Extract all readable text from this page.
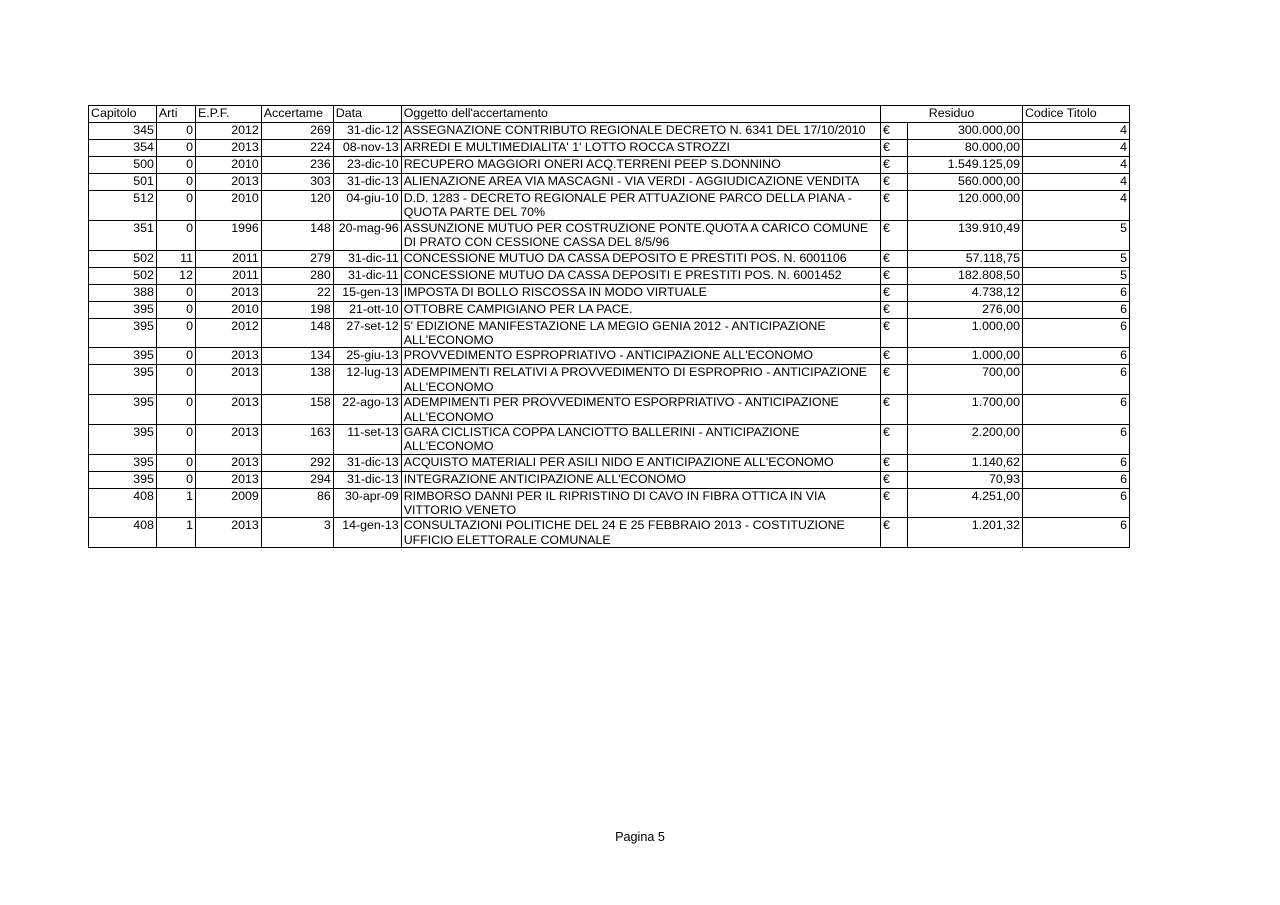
Capitolo	Arti	E.P.F.	Accertame	Data	Oggetto dell'accertamento	Residuo		Codice Titolo
345	0	2012	269	31-dic-12	ASSEGNAZIONE CONTRIBUTO REGIONALE DECRETO N. 6341 DEL 17/10/2010	€	300.000,00	4
354	0	2013	224	08-nov-13	ARREDI E MULTIMEDIALITA' 1' LOTTO ROCCA STROZZI	€	80.000,00	4
500	0	2010	236	23-dic-10	RECUPERO MAGGIORI ONERI ACQ.TERRENI PEEP S.DONNINO	€	1.549.125,09	4
501	0	2013	303	31-dic-13	ALIENAZIONE AREA VIA MASCAGNI - VIA VERDI - AGGIUDICAZIONE VENDITA	€	560.000,00	4
512	0	2010	120	04-giu-10	D.D. 1283 - DECRETO REGIONALE PER ATTUAZIONE PARCO DELLA PIANA - QUOTA PARTE DEL 70%	€	120.000,00	4
351	0	1996	148	20-mag-96	ASSUNZIONE MUTUO PER COSTRUZIONE PONTE.QUOTA A CARICO COMUNE DI PRATO CON CESSIONE CASSA DEL 8/5/96	€	139.910,49	5
502	11	2011	279	31-dic-11	CONCESSIONE MUTUO DA CASSA DEPOSITO E PRESTITI POS. N. 6001106	€	57.118,75	5
502	12	2011	280	31-dic-11	CONCESSIONE MUTUO DA CASSA DEPOSITI E PRESTITI POS. N. 6001452	€	182.808,50	5
388	0	2013	22	15-gen-13	IMPOSTA DI BOLLO RISCOSSA IN MODO VIRTUALE	€	4.738,12	6
395	0	2010	198	21-ott-10	OTTOBRE CAMPIGIANO PER LA PACE.	€	276,00	6
395	0	2012	148	27-set-12	5' EDIZIONE MANIFESTAZIONE LA MEGIO GENIA 2012 - ANTICIPAZIONE ALL'ECONOMO	€	1.000,00	6
395	0	2013	134	25-giu-13	PROVVEDIMENTO ESPROPRIATIVO - ANTICIPAZIONE ALL'ECONOMO	€	1.000,00	6
395	0	2013	138	12-lug-13	ADEMPIMENTI RELATIVI A PROVVEDIMENTO DI ESPROPRIO - ANTICIPAZIONE ALL'ECONOMO	€	700,00	6
395	0	2013	158	22-ago-13	ADEMPIMENTI PER PROVVEDIMENTO ESPORPRIATIVO - ANTICIPAZIONE ALL'ECONOMO	€	1.700,00	6
395	0	2013	163	11-set-13	GARA CICLISTICA COPPA LANCIOTTO BALLERINI - ANTICIPAZIONE ALL'ECONOMO	€	2.200,00	6
395	0	2013	292	31-dic-13	ACQUISTO MATERIALI PER ASILI NIDO E ANTICIPAZIONE ALL'ECONOMO	€	1.140,62	6
395	0	2013	294	31-dic-13	INTEGRAZIONE ANTICIPAZIONE ALL'ECONOMO	€	70,93	6
408	1	2009	86	30-apr-09	RIMBORSO DANNI PER IL RIPRISTINO DI CAVO IN FIBRA OTTICA IN VIA VITTORIO VENETO	€	4.251,00	6
408	1	2013	3	14-gen-13	CONSULTAZIONI POLITICHE DEL 24 E 25 FEBBRAIO 2013 - COSTITUZIONE UFFICIO ELETTORALE COMUNALE	€	1.201,32	6
Pagina 5
